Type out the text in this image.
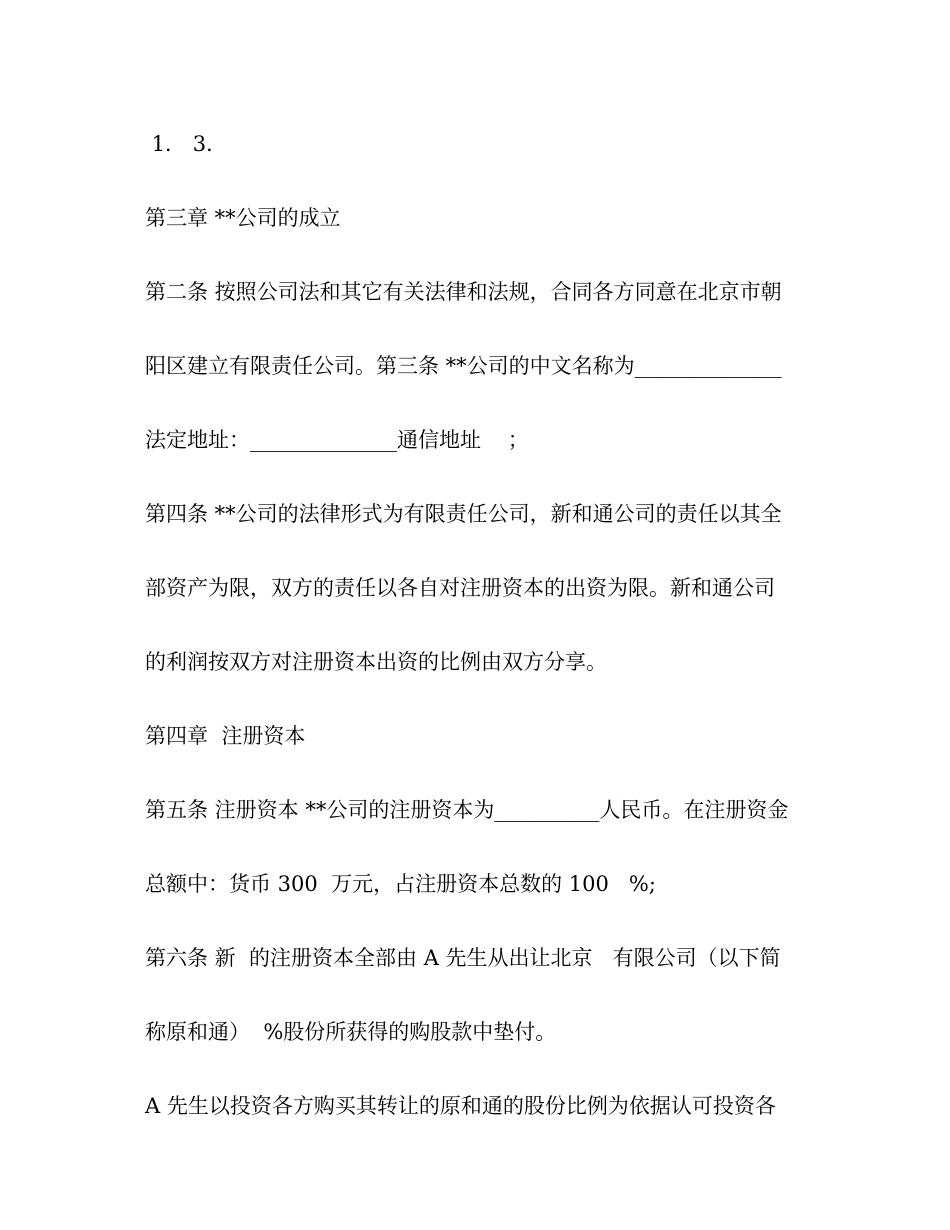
1． 3．
第三章 **公司的成立
第二条 按照公司法和其它有关法律和法规，合同各方同意在北京市朝
阳区建立有限责任公司。第三条 **公司的中文名称为______________
法定地址：______________通信地址    ；
第四条 **公司的法律形式为有限责任公司，新和通公司的责任以其全
部资产为限，双方的责任以各自对注册资本的出资为限。新和通公司
的利润按双方对注册资本出资的比例由双方分享。
第四章  注册资本
第五条 注册资本 **公司的注册资本为__________人民币。在注册资金
总额中：货币 300  万元，占注册资本总数的 100   %;
第六条 新  的注册资本全部由 A 先生从出让北京   有限公司（以下简
称原和通）  %股份所获得的购股款中垫付。
A 先生以投资各方购买其转让的原和通的股份比例为依据认可投资各
